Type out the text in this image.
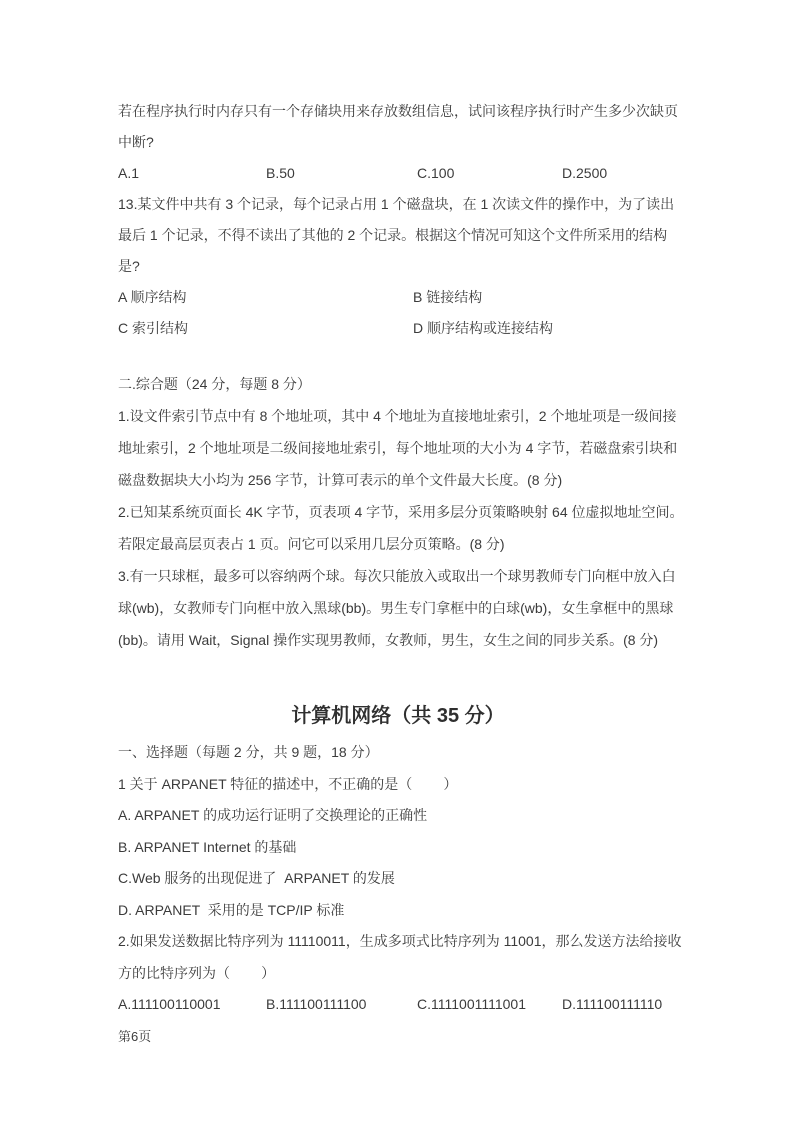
若在程序执行时内存只有一个存储块用来存放数组信息，试问该程序执行时产生多少次缺页
中断?
A.1	B.50	C.100	D.2500
13.某文件中共有 3 个记录，每个记录占用 1 个磁盘块，在 1 次读文件的操作中，为了读出
最后 1 个记录，不得不读出了其他的 2 个记录。根据这个情况可知这个文件所采用的结构
是?
A 顺序结构	B 链接结构
C 索引结构	D 顺序结构或连接结构
二.综合题（24 分，每题 8 分）
1.设文件索引节点中有 8 个地址项，其中 4 个地址为直接地址索引，2 个地址项是一级间接
地址索引，2 个地址项是二级间接地址索引，每个地址项的大小为 4 字节，若磁盘索引块和
磁盘数据块大小均为 256 字节，计算可表示的单个文件最大长度。(8 分)
2.已知某系统页面长 4K 字节，页表项 4 字节，采用多层分页策略映射 64 位虚拟地址空间。
若限定最高层页表占 1 页。问它可以采用几层分页策略。(8 分)
3.有一只球框，最多可以容纳两个球。每次只能放入或取出一个球男教师专门向框中放入白
球(wb)，女教师专门向框中放入黑球(bb)。男生专门拿框中的白球(wb)，女生拿框中的黑球
(bb)。请用 Wait，Signal 操作实现男教师，女教师，男生，女生之间的同步关系。(8 分)
计算机网络（共 35 分）
一、选择题（每题 2 分，共 9 题，18 分）
1 关于 ARPANET 特征的描述中，不正确的是（        ）
A. ARPANET 的成功运行证明了交换理论的正确性
B. ARPANET Internet 的基础
C.Web 服务的出现促进了  ARPANET 的发展
D. ARPANET  采用的是 TCP/IP 标准
2.如果发送数据比特序列为 11110011，生成多项式比特序列为 11001，那么发送方法给接收
方的比特序列为（        ）
A.111100110001	B.111100111100	C.1111001111001	D.111100111110
第6页
